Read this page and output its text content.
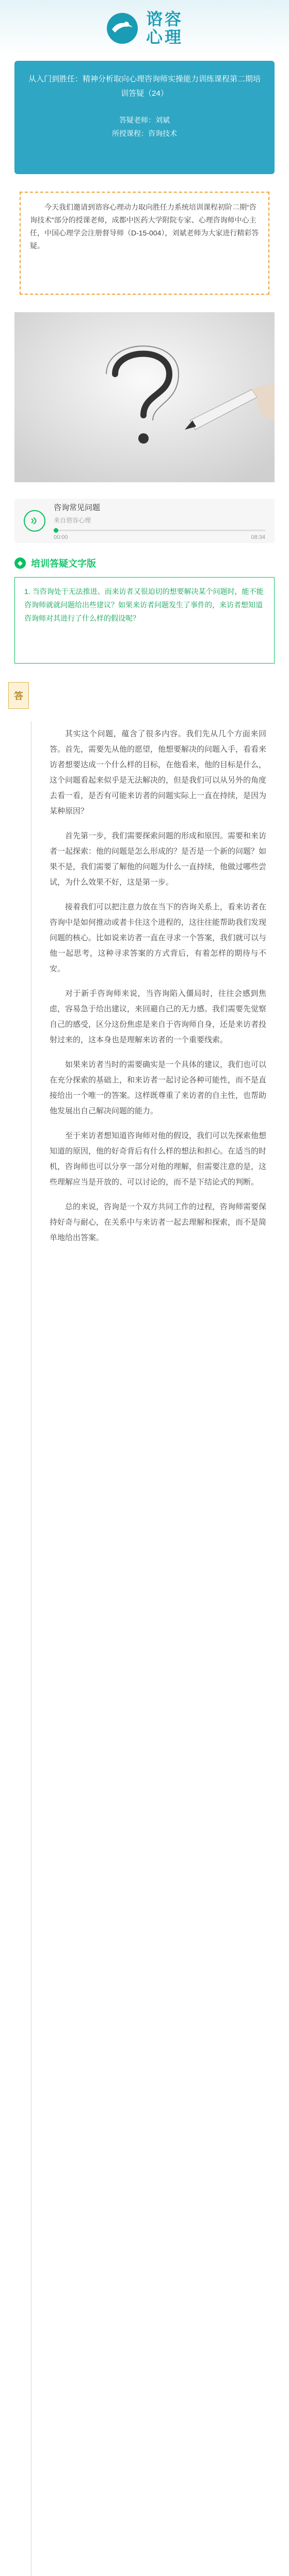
谘容
心理
从入门到胜任：精神分析取向心理咨询师实操能力训练课程第二期培训答疑（24）
答疑老师：刘斌
所授课程：咨询技术

今天我们邀请到谘容心理动力取向胜任力系统培训课程初阶二期“咨询技术”部分的授课老师，成都中医药大学附院专家、心理咨询师中心主任，中国心理学会注册督导师（D-15-004），刘斌老师为大家进行精彩答疑。

咨询常见问题
来自谘容心理
00:00	08:34
◆ 培训答疑文字版

1. 当咨询处于无法推进、而来访者又很迫切的想要解决某个问题时，能不能咨询师就就问题给出些建议？如果来访者问题发生了事件的，来访者想知道咨询师对其进行了什么样的假设呢？

答

其实这个问题，蕴含了很多内容。我们先从几个方面来回答。首先，需要先从他的愿望，他想要解决的问题入手，看看来访者想要达成一个什么样的目标，在他看来，他的目标是什么，这个问题看起来似乎是无法解决的，但是我们可以从另外的角度去看一看，是否有可能来访者的问题实际上一直在持续，是因为某种原因？

首先第一步，我们需要探索问题的形成和原因。需要和来访者一起探索：他的问题是怎么形成的？是否是一个新的问题？如果不是，我们需要了解他的问题为什么一直持续，他做过哪些尝试，为什么效果不好，这是第一步。

接着我们可以把注意力放在当下的咨询关系上，看来访者在咨询中是如何推动或者卡住这个进程的，这往往能帮助我们发现问题的核心。比如说来访者一直在寻求一个答案，我们就可以与他一起思考，这种寻求答案的方式背后，有着怎样的期待与不安。

对于新手咨询师来说，当咨询陷入僵局时，往往会感到焦虑，容易急于给出建议，来回避自己的无力感。我们需要先觉察自己的感受，区分这份焦虑是来自于咨询师自身，还是来访者投射过来的，这本身也是理解来访者的一个重要线索。

如果来访者当时的需要确实是一个具体的建议，我们也可以在充分探索的基础上，和来访者一起讨论各种可能性，而不是直接给出一个唯一的答案。这样既尊重了来访者的自主性，也帮助他发展出自己解决问题的能力。

至于来访者想知道咨询师对他的假设，我们可以先探索他想知道的原因，他的好奇背后有什么样的想法和担心。在适当的时机，咨询师也可以分享一部分对他的理解，但需要注意的是，这些理解应当是开放的、可以讨论的，而不是下结论式的判断。

总的来说，咨询是一个双方共同工作的过程，咨询师需要保持好奇与耐心，在关系中与来访者一起去理解和探索，而不是简单地给出答案。
